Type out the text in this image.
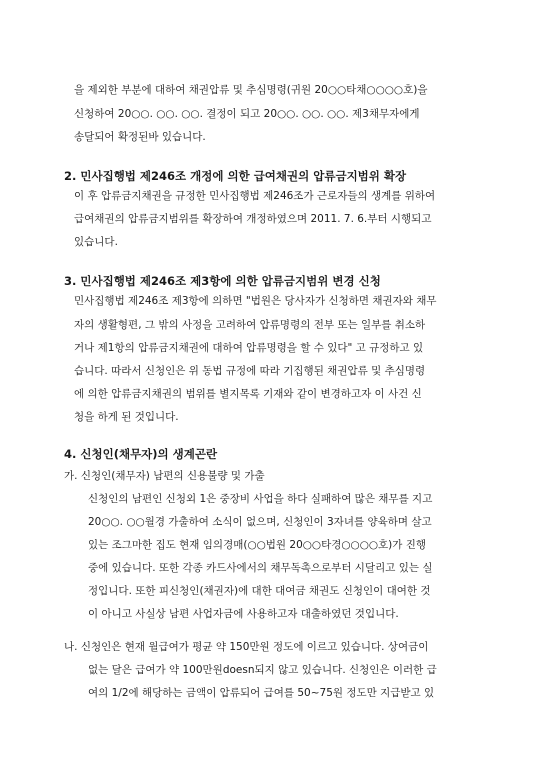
을 제외한 부분에 대하여 채권압류 및 추심명령(귀원 20○○타채○○○○호)을
신청하여 20○○. ○○. ○○. 결정이 되고 20○○. ○○. ○○. 제3채무자에게
송달되어 확정된바 있습니다.
2. 민사집행법 제246조 개정에 의한 급여채권의 압류금지범위 확장
이 후 압류금지채권을 규정한 민사집행법 제246조가 근로자들의 생계를 위하여
급여채권의 압류금지범위를 확장하여 개정하였으며 2011. 7. 6.부터 시행되고
있습니다.
3. 민사집행법 제246조 제3항에 의한 압류금지범위 변경 신청
민사집행법 제246조 제3항에 의하면 "법원은 당사자가 신청하면 채권자와 채무
자의 생활형편, 그 밖의 사정을 고려하여 압류명령의 전부 또는 일부를 취소하
거나 제1항의 압류금지채권에 대하여 압류명령을 할 수 있다" 고 규정하고 있
습니다. 따라서 신청인은 위 동법 규정에 따라 기집행된 채권압류 및 추심명령
에 의한 압류금지채권의 범위를 별지목록 기재와 같이 변경하고자 이 사건 신
청을 하게 된 것입니다.
4. 신청인(채무자)의 생계곤란
가. 신청인(채무자) 남편의 신용불량 및 가출
신청인의 남편인 신청외 1은 중장비 사업을 하다 실패하여 많은 채무를 지고
20○○. ○○월경 가출하여 소식이 없으며, 신청인이 3자녀를 양육하며 살고
있는 조그마한 집도 현재 임의경매(○○법원 20○○타경○○○○호)가 진행
중에 있습니다. 또한 각종 카드사에서의 채무독촉으로부터 시달리고 있는 실
정입니다. 또한 피신청인(채권자)에 대한 대여금 채권도 신청인이 대여한 것
이 아니고 사실상 남편 사업자금에 사용하고자 대출하였던 것입니다.
나. 신청인은 현재 월급여가 평균 약 150만원 정도에 이르고 있습니다. 상여금이
없는 달은 급여가 약 100만원doesn되지 않고 있습니다. 신청인은 이러한 급
여의 1/2에 해당하는 금액이 압류되어 급여를 50~75원 정도만 지급받고 있
